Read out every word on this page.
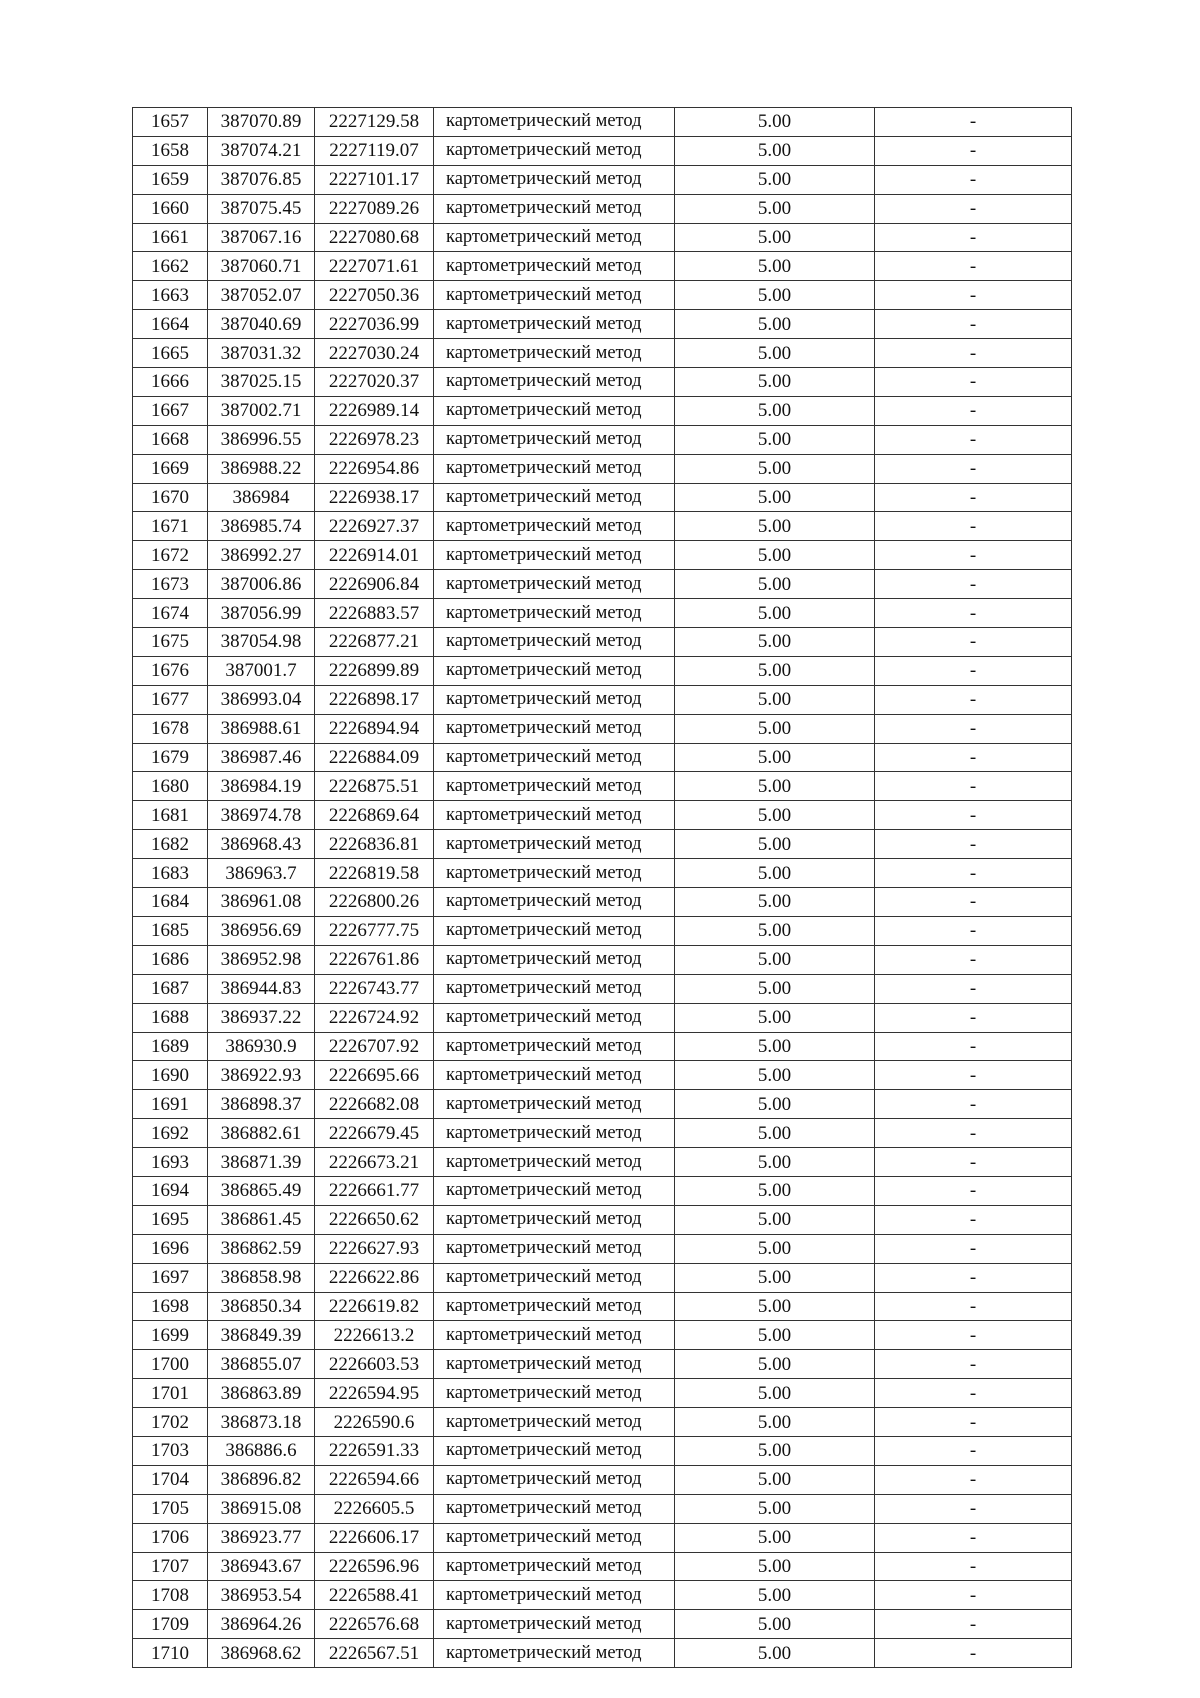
1657	387070.89	2227129.58	картометрический метод	5.00	-
1658	387074.21	2227119.07	картометрический метод	5.00	-
1659	387076.85	2227101.17	картометрический метод	5.00	-
1660	387075.45	2227089.26	картометрический метод	5.00	-
1661	387067.16	2227080.68	картометрический метод	5.00	-
1662	387060.71	2227071.61	картометрический метод	5.00	-
1663	387052.07	2227050.36	картометрический метод	5.00	-
1664	387040.69	2227036.99	картометрический метод	5.00	-
1665	387031.32	2227030.24	картометрический метод	5.00	-
1666	387025.15	2227020.37	картометрический метод	5.00	-
1667	387002.71	2226989.14	картометрический метод	5.00	-
1668	386996.55	2226978.23	картометрический метод	5.00	-
1669	386988.22	2226954.86	картометрический метод	5.00	-
1670	386984	2226938.17	картометрический метод	5.00	-
1671	386985.74	2226927.37	картометрический метод	5.00	-
1672	386992.27	2226914.01	картометрический метод	5.00	-
1673	387006.86	2226906.84	картометрический метод	5.00	-
1674	387056.99	2226883.57	картометрический метод	5.00	-
1675	387054.98	2226877.21	картометрический метод	5.00	-
1676	387001.7	2226899.89	картометрический метод	5.00	-
1677	386993.04	2226898.17	картометрический метод	5.00	-
1678	386988.61	2226894.94	картометрический метод	5.00	-
1679	386987.46	2226884.09	картометрический метод	5.00	-
1680	386984.19	2226875.51	картометрический метод	5.00	-
1681	386974.78	2226869.64	картометрический метод	5.00	-
1682	386968.43	2226836.81	картометрический метод	5.00	-
1683	386963.7	2226819.58	картометрический метод	5.00	-
1684	386961.08	2226800.26	картометрический метод	5.00	-
1685	386956.69	2226777.75	картометрический метод	5.00	-
1686	386952.98	2226761.86	картометрический метод	5.00	-
1687	386944.83	2226743.77	картометрический метод	5.00	-
1688	386937.22	2226724.92	картометрический метод	5.00	-
1689	386930.9	2226707.92	картометрический метод	5.00	-
1690	386922.93	2226695.66	картометрический метод	5.00	-
1691	386898.37	2226682.08	картометрический метод	5.00	-
1692	386882.61	2226679.45	картометрический метод	5.00	-
1693	386871.39	2226673.21	картометрический метод	5.00	-
1694	386865.49	2226661.77	картометрический метод	5.00	-
1695	386861.45	2226650.62	картометрический метод	5.00	-
1696	386862.59	2226627.93	картометрический метод	5.00	-
1697	386858.98	2226622.86	картометрический метод	5.00	-
1698	386850.34	2226619.82	картометрический метод	5.00	-
1699	386849.39	2226613.2	картометрический метод	5.00	-
1700	386855.07	2226603.53	картометрический метод	5.00	-
1701	386863.89	2226594.95	картометрический метод	5.00	-
1702	386873.18	2226590.6	картометрический метод	5.00	-
1703	386886.6	2226591.33	картометрический метод	5.00	-
1704	386896.82	2226594.66	картометрический метод	5.00	-
1705	386915.08	2226605.5	картометрический метод	5.00	-
1706	386923.77	2226606.17	картометрический метод	5.00	-
1707	386943.67	2226596.96	картометрический метод	5.00	-
1708	386953.54	2226588.41	картометрический метод	5.00	-
1709	386964.26	2226576.68	картометрический метод	5.00	-
1710	386968.62	2226567.51	картометрический метод	5.00	-
